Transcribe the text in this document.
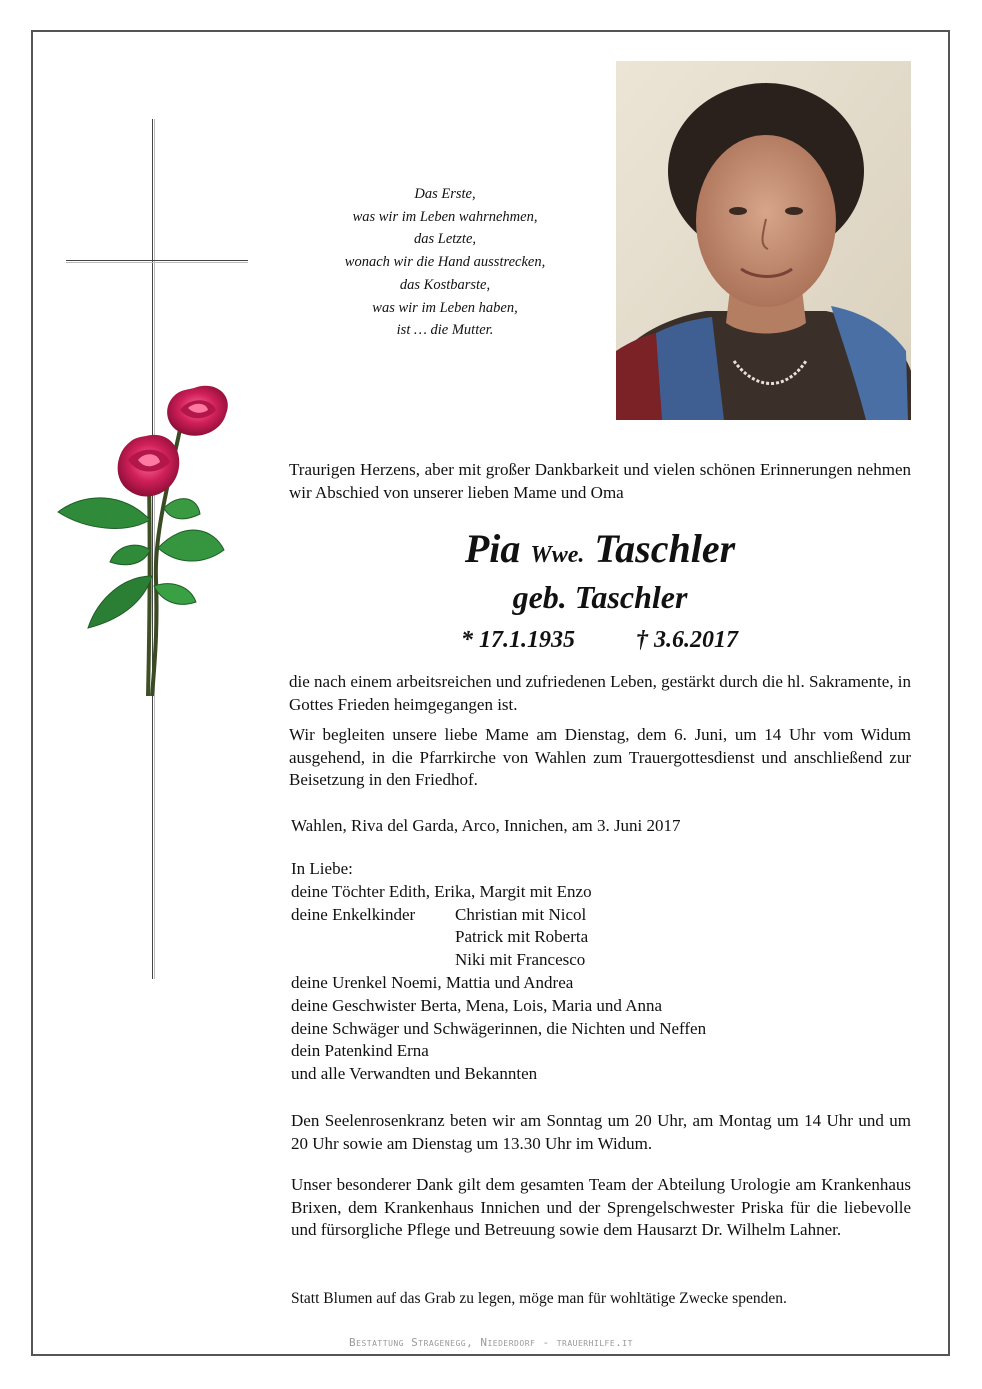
Das Erste,
was wir im Leben wahrnehmen,
das Letzte,
wonach wir die Hand ausstrecken,
das Kostbarste,
was wir im Leben haben,
ist … die Mutter.
Traurigen Herzens, aber mit großer Dankbarkeit und vielen schönen Erinnerungen nehmen wir Abschied von unserer lieben Mame und Oma
Pia Wwe. Taschler
geb. Taschler
* 17.1.1935	† 3.6.2017
die nach einem arbeitsreichen und zufriedenen Leben, gestärkt durch die hl. Sakramente, in Gottes Frieden heimgegangen ist.
Wir begleiten unsere liebe Mame am Dienstag, dem 6. Juni, um 14 Uhr vom Widum ausgehend, in die Pfarrkirche von Wahlen zum Trauergottesdienst und anschließend zur Beisetzung in den Friedhof.
Wahlen, Riva del Garda, Arco, Innichen, am 3. Juni 2017
In Liebe:
deine Töchter Edith, Erika, Margit mit Enzo
deine Enkelkinder Christian mit Nicol
Patrick mit Roberta
Niki mit Francesco
deine Urenkel Noemi, Mattia und Andrea
deine Geschwister Berta, Mena, Lois, Maria und Anna
deine Schwäger und Schwägerinnen, die Nichten und Neffen
dein Patenkind Erna
und alle Verwandten und Bekannten
Den Seelenrosenkranz beten wir am Sonntag um 20 Uhr, am Montag um 14 Uhr und um 20 Uhr sowie am Dienstag um 13.30 Uhr im Widum.
Unser besonderer Dank gilt dem gesamten Team der Abteilung Urologie am Krankenhaus Brixen, dem Krankenhaus Innichen und der Sprengelschwester Priska für die liebevolle und fürsorgliche Pflege und Betreuung sowie dem Hausarzt Dr. Wilhelm Lahner.
Statt Blumen auf das Grab zu legen, möge man für wohltätige Zwecke spenden.
Bestattung Stragenegg, Niederdorf - trauerhilfe.it
